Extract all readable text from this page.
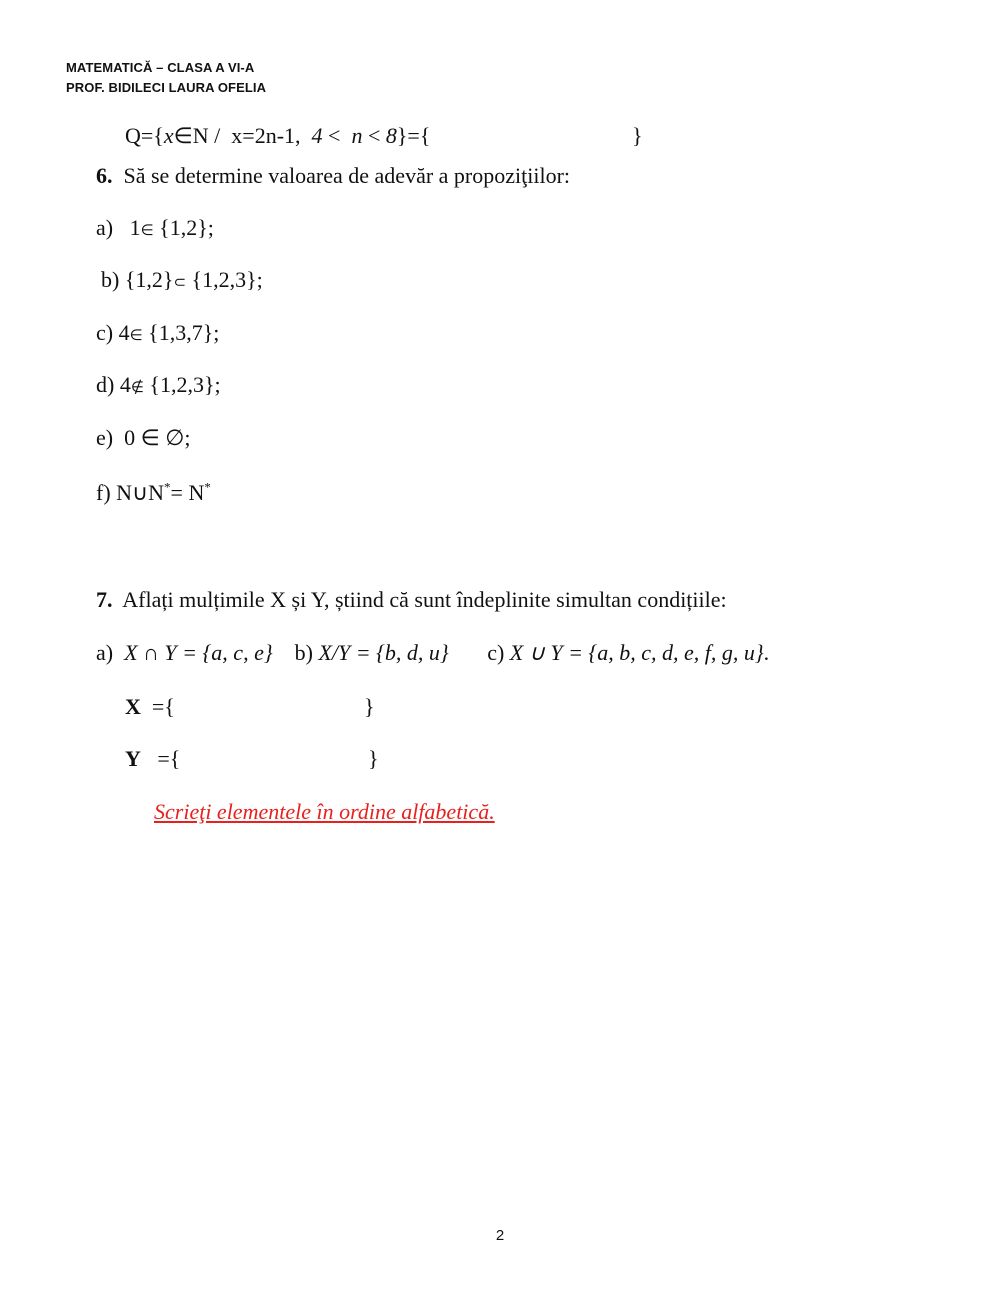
MATEMATICĂ – CLASA A VI-A
PROF. BIDILECI LAURA OFELIA
Q={x∈N /  x=2n-1,  4 <  n < 8}={	}
6. Să se determine valoarea de adevăr a propoziţiilor:
a) 1∈ {1,2};
b) {1,2}⊂ {1,2,3};
c) 4∈ {1,3,7};
d) 4∉ {1,2,3};
e) 0 ∈ ∅;
f) N∪N*= N*
7. Aflați mulțimile X și Y, știind că sunt îndeplinite simultan condițiile:
a) X ∩ Y = {a, c, e} b) X/Y = {b, d, u} c) X ∪ Y = {a, b, c, d, e, f, g, u}.
X ={	}
Y ={	}
Scrieţi elementele în ordine alfabetică.
2
